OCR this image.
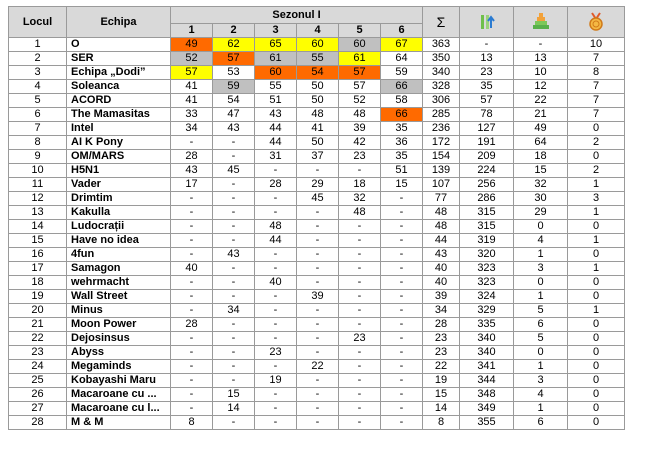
Locul	Echipa	Sezonul I						Σ	

		1	2	3	4	5	6				
1	O	49	62	65	60	60	67	363	-	-	10
2	SER	52	57	61	55	61	64	350	13	13	7
3	Echipa „Dodi”	57	53	60	54	57	59	340	23	10	8
4	Soleanca	41	59	55	50	57	66	328	35	12	7
5	ACORD	41	54	51	50	52	58	306	57	22	7
6	The Mamasitas	33	47	43	48	48	66	285	78	21	7
7	Intel	34	43	44	41	39	35	236	127	49	0
8	AI K Pony	-	-	44	50	42	36	172	191	64	2
9	OM/MARS	28	-	31	37	23	35	154	209	18	0
10	H5N1	43	45	-	-	-	51	139	224	15	2
11	Vader	17	-	28	29	18	15	107	256	32	1
12	Drimtim	-	-	-	45	32	-	77	286	30	3
13	Kakulla	-	-	-	-	48	-	48	315	29	1
14	Ludocrații	-	-	48	-	-	-	48	315	0	0
15	Have no idea	-	-	44	-	-	-	44	319	4	1
16	4fun	-	43	-	-	-	-	43	320	1	0
17	Samagon	40	-	-	-	-	-	40	323	3	1
18	wehrmacht	-	-	40	-	-	-	40	323	0	0
19	Wall Street	-	-	-	39	-	-	39	324	1	0
20	Minus	-	34	-	-	-	-	34	329	5	1
21	Moon Power	28	-	-	-	-	-	28	335	6	0
22	Dejosinsus	-	-	-	-	23	-	23	340	5	0
23	Abyss	-	-	23	-	-	-	23	340	0	0
24	Megaminds	-	-	-	22	-	-	22	341	1	0
25	Kobayashi Maru	-	-	19	-	-	-	19	344	3	0
26	Macaroane cu ...	-	15	-	-	-	-	15	348	4	0
27	Macaroane cu l...	-	14	-	-	-	-	14	349	1	0
28	M & M	8	-	-	-	-	-	8	355	6	0
